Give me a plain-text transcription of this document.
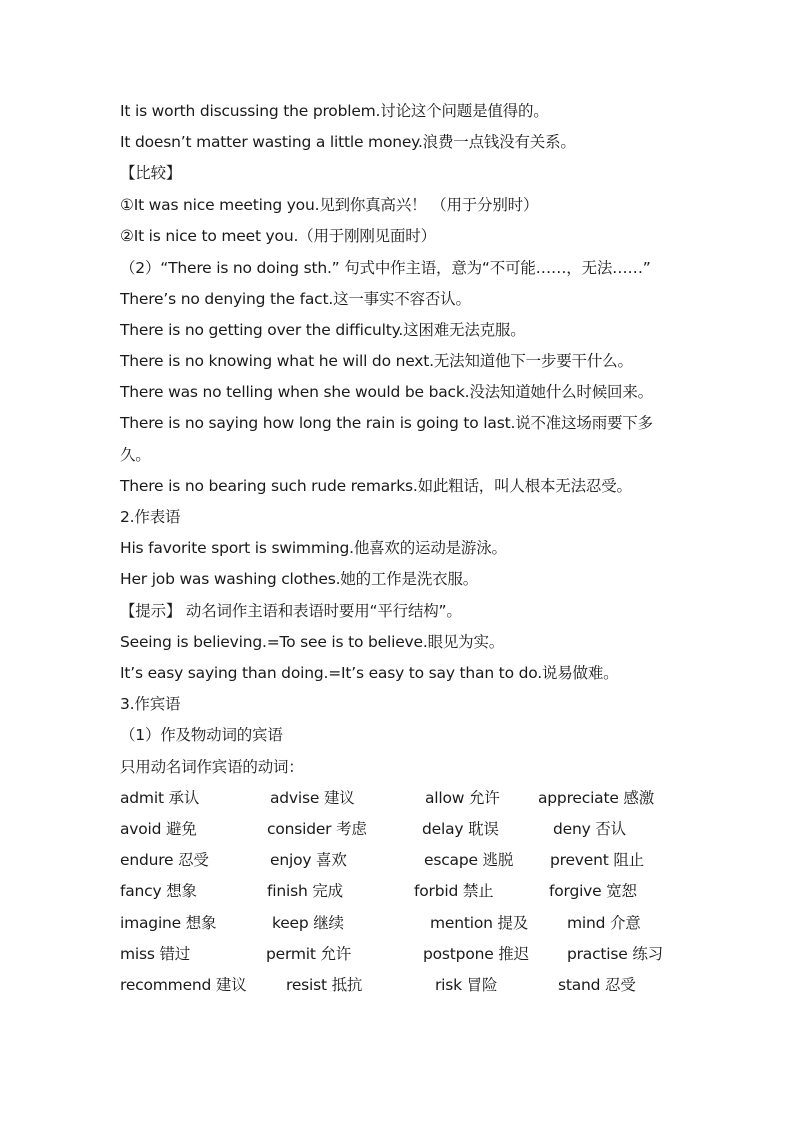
It is worth discussing the problem.讨论这个问题是值得的。
It doesn’t matter wasting a little money.浪费一点钱没有关系。
【比较】
①It was nice meeting you.见到你真高兴！ （用于分别时）
②It is nice to meet you.（用于刚刚见面时）
（2）“There is no doing sth.” 句式中作主语，意为“不可能……，无法……”
There’s no denying the fact.这一事实不容否认。
There is no getting over the difficulty.这困难无法克服。
There is no knowing what he will do next.无法知道他下一步要干什么。
There was no telling when she would be back.没法知道她什么时候回来。
There is no saying how long the rain is going to last.说不准这场雨要下多
久。
There is no bearing such rude remarks.如此粗话，叫人根本无法忍受。
2.作表语
His favorite sport is swimming.他喜欢的运动是游泳。
Her job was washing clothes.她的工作是洗衣服。
【提示】 动名词作主语和表语时要用“平行结构”。
Seeing is believing.=To see is to believe.眼见为实。
It’s easy saying than doing.=It’s easy to say than to do.说易做难。
3.作宾语
（1）作及物动词的宾语
只用动名词作宾语的动词：
admit 承认	advise 建议	allow 允许 appreciate 感激
avoid 避免	consider 考虑	delay 耽误	deny 否认
endure 忍受	enjoy 喜欢	escape 逃脱 prevent 阻止
fancy 想象	finish 完成	forbid 禁止	forgive 宽恕
imagine 想象	keep 继续	mention 提及	mind 介意
miss 错过	permit 允许	postpone 推迟 practise 练习
recommend 建议	resist 抵抗	risk 冒险	stand 忍受
